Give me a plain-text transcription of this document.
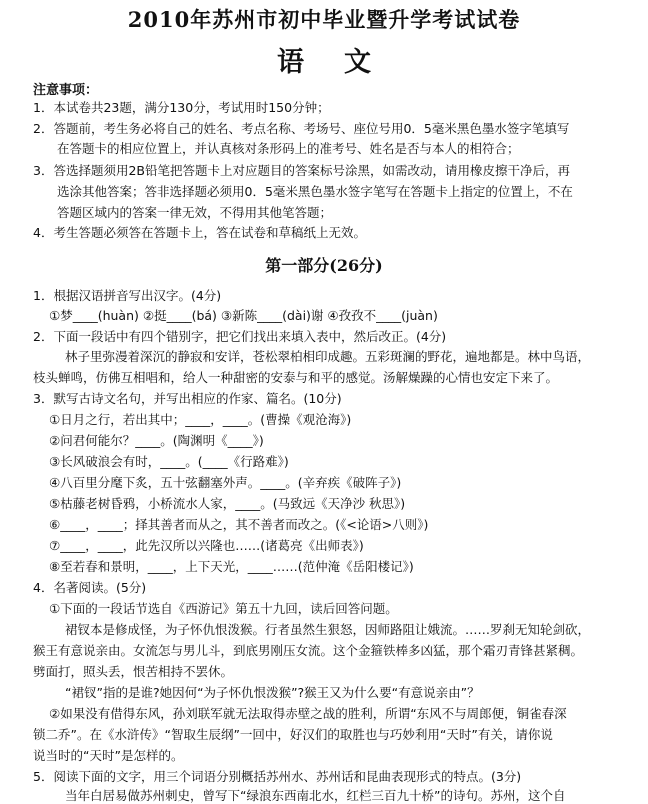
2010年苏州市初中毕业暨升学考试试卷
语文
注意事项：
1．本试卷共23题，满分130分，考试用时150分钟；
2．答题前，考生务必将自己的姓名、考点名称、考场号、座位号用0．5毫米黑色墨水签字笔填写
在答题卡的相应位置上，并认真核对条形码上的准考号、姓名是否与本人的相符合；
3．答选择题须用2B铅笔把答题卡上对应题目的答案标号涂黑，如需改动，请用橡皮擦干净后，再
选涂其他答案；答非选择题必须用0．5毫米黑色墨水签字笔写在答题卡上指定的位置上，不在
答题区域内的答案一律无效，不得用其他笔答题；
4．考生答题必须答在答题卡上，答在试卷和草稿纸上无效。
第一部分(26分)
1．根据汉语拼音写出汉字。(4分)
①梦____(huàn) ②挺____(bá) ③新陈____(dài)谢 ④孜孜不____(juàn)
2．下面一段话中有四个错别字，把它们找出来填入表中，然后改正。(4分)
林子里弥漫着深沉的静寂和安详，苍松翠柏相印成趣。五彩斑澜的野花，遍地都是。林中鸟语，
枝头蝉鸣，仿佛互相唱和，给人一种甜密的安泰与和平的感觉。汤解燥躁的心情也安定下来了。
3．默写古诗文名句，并写出相应的作家、篇名。(10分)
①日月之行，若出其中；____，____。(曹操《观沧海》)
②问君何能尔？____。(陶渊明《____》)
③长风破浪会有时，____。(____《行路难》)
④八百里分麾下炙，五十弦翻塞外声。____。(辛弃疾《破阵子》)
⑤枯藤老树昏鸦，小桥流水人家，____。(马致远《天净沙 秋思》)
⑥____，____；择其善者而从之，其不善者而改之。(《<论语>八则》)
⑦____，____，此先汉所以兴隆也……(诸葛亮《出师表》)
⑧至若春和景明，____，上下天光，____……(范仲淹《岳阳楼记》)
4．名著阅读。(5分)
①下面的一段话节选自《西游记》第五十九回，读后回答问题。
裙钗本是修成怪，为子怀仇恨泼猴。行者虽然生狠怒，因师路阻让娥流。……罗刹无知轮剑砍，
猴王有意说亲由。女流怎与男儿斗，到底男刚压女流。这个金箍铁棒多凶猛，那个霜刃青锋甚紧稠。
劈面打，照头丢，恨苦相持不罢休。
“裙钗”指的是谁?她因何“为子怀仇恨泼猴”?猴王又为什么要“有意说亲由”？
②如果没有借得东风，孙刘联军就无法取得赤壁之战的胜利，所谓“东风不与周郎便，铜雀春深
锁二乔”。在《水浒传》“智取生辰纲”一回中，好汉们的取胜也与巧妙利用“天时”有关，请你说
说当时的“天时”是怎样的。
5．阅读下面的文字，用三个词语分别概括苏州水、苏州话和昆曲表现形式的特点。(3分)
当年白居易做苏州刺史，曾写下“绿浪东西南北水，红栏三百九十桥”的诗句。苏州，这个自
